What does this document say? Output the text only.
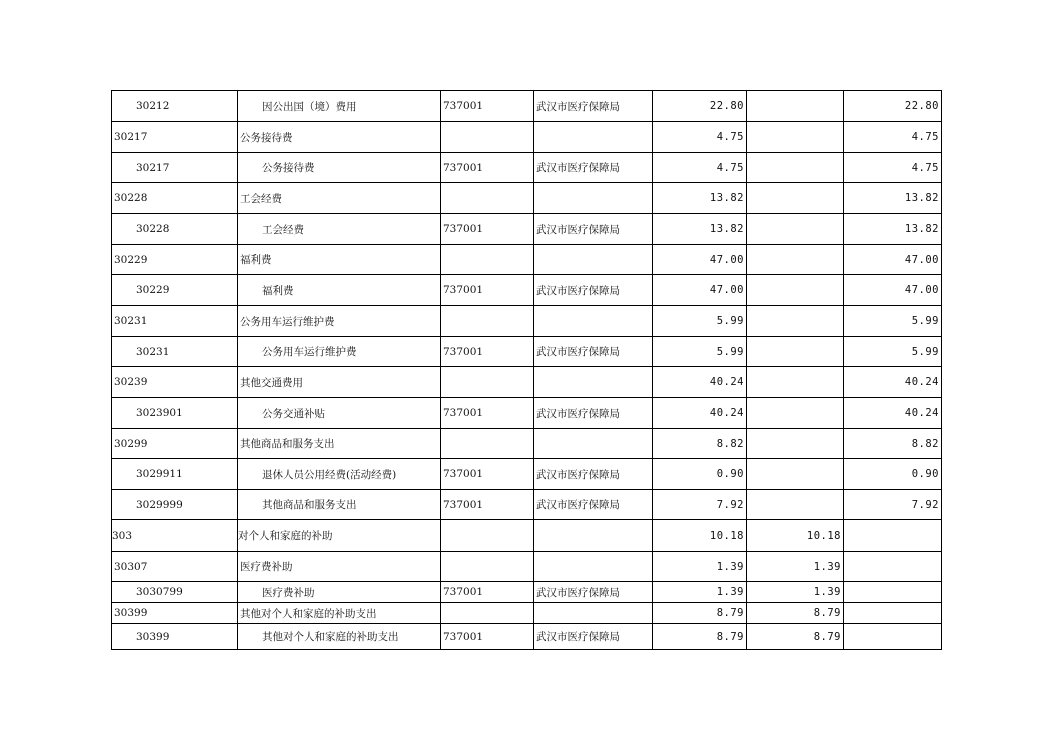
30212	因公出国（境）费用	737001	武汉市医疗保障局	22.80		22.80
30217	公务接待费			4.75		4.75
30217	公务接待费	737001	武汉市医疗保障局	4.75		4.75
30228	工会经费			13.82		13.82
30228	工会经费	737001	武汉市医疗保障局	13.82		13.82
30229	福利费			47.00		47.00
30229	福利费	737001	武汉市医疗保障局	47.00		47.00
30231	公务用车运行维护费			5.99		5.99
30231	公务用车运行维护费	737001	武汉市医疗保障局	5.99		5.99
30239	其他交通费用			40.24		40.24
3023901	公务交通补贴	737001	武汉市医疗保障局	40.24		40.24
30299	其他商品和服务支出			8.82		8.82
3029911	退休人员公用经费(活动经费)	737001	武汉市医疗保障局	0.90		0.90
3029999	其他商品和服务支出	737001	武汉市医疗保障局	7.92		7.92
303	对个人和家庭的补助			10.18	10.18	
30307	医疗费补助			1.39	1.39	
3030799	医疗费补助	737001	武汉市医疗保障局	1.39	1.39	
30399	其他对个人和家庭的补助支出			8.79	8.79	
30399	其他对个人和家庭的补助支出	737001	武汉市医疗保障局	8.79	8.79	
